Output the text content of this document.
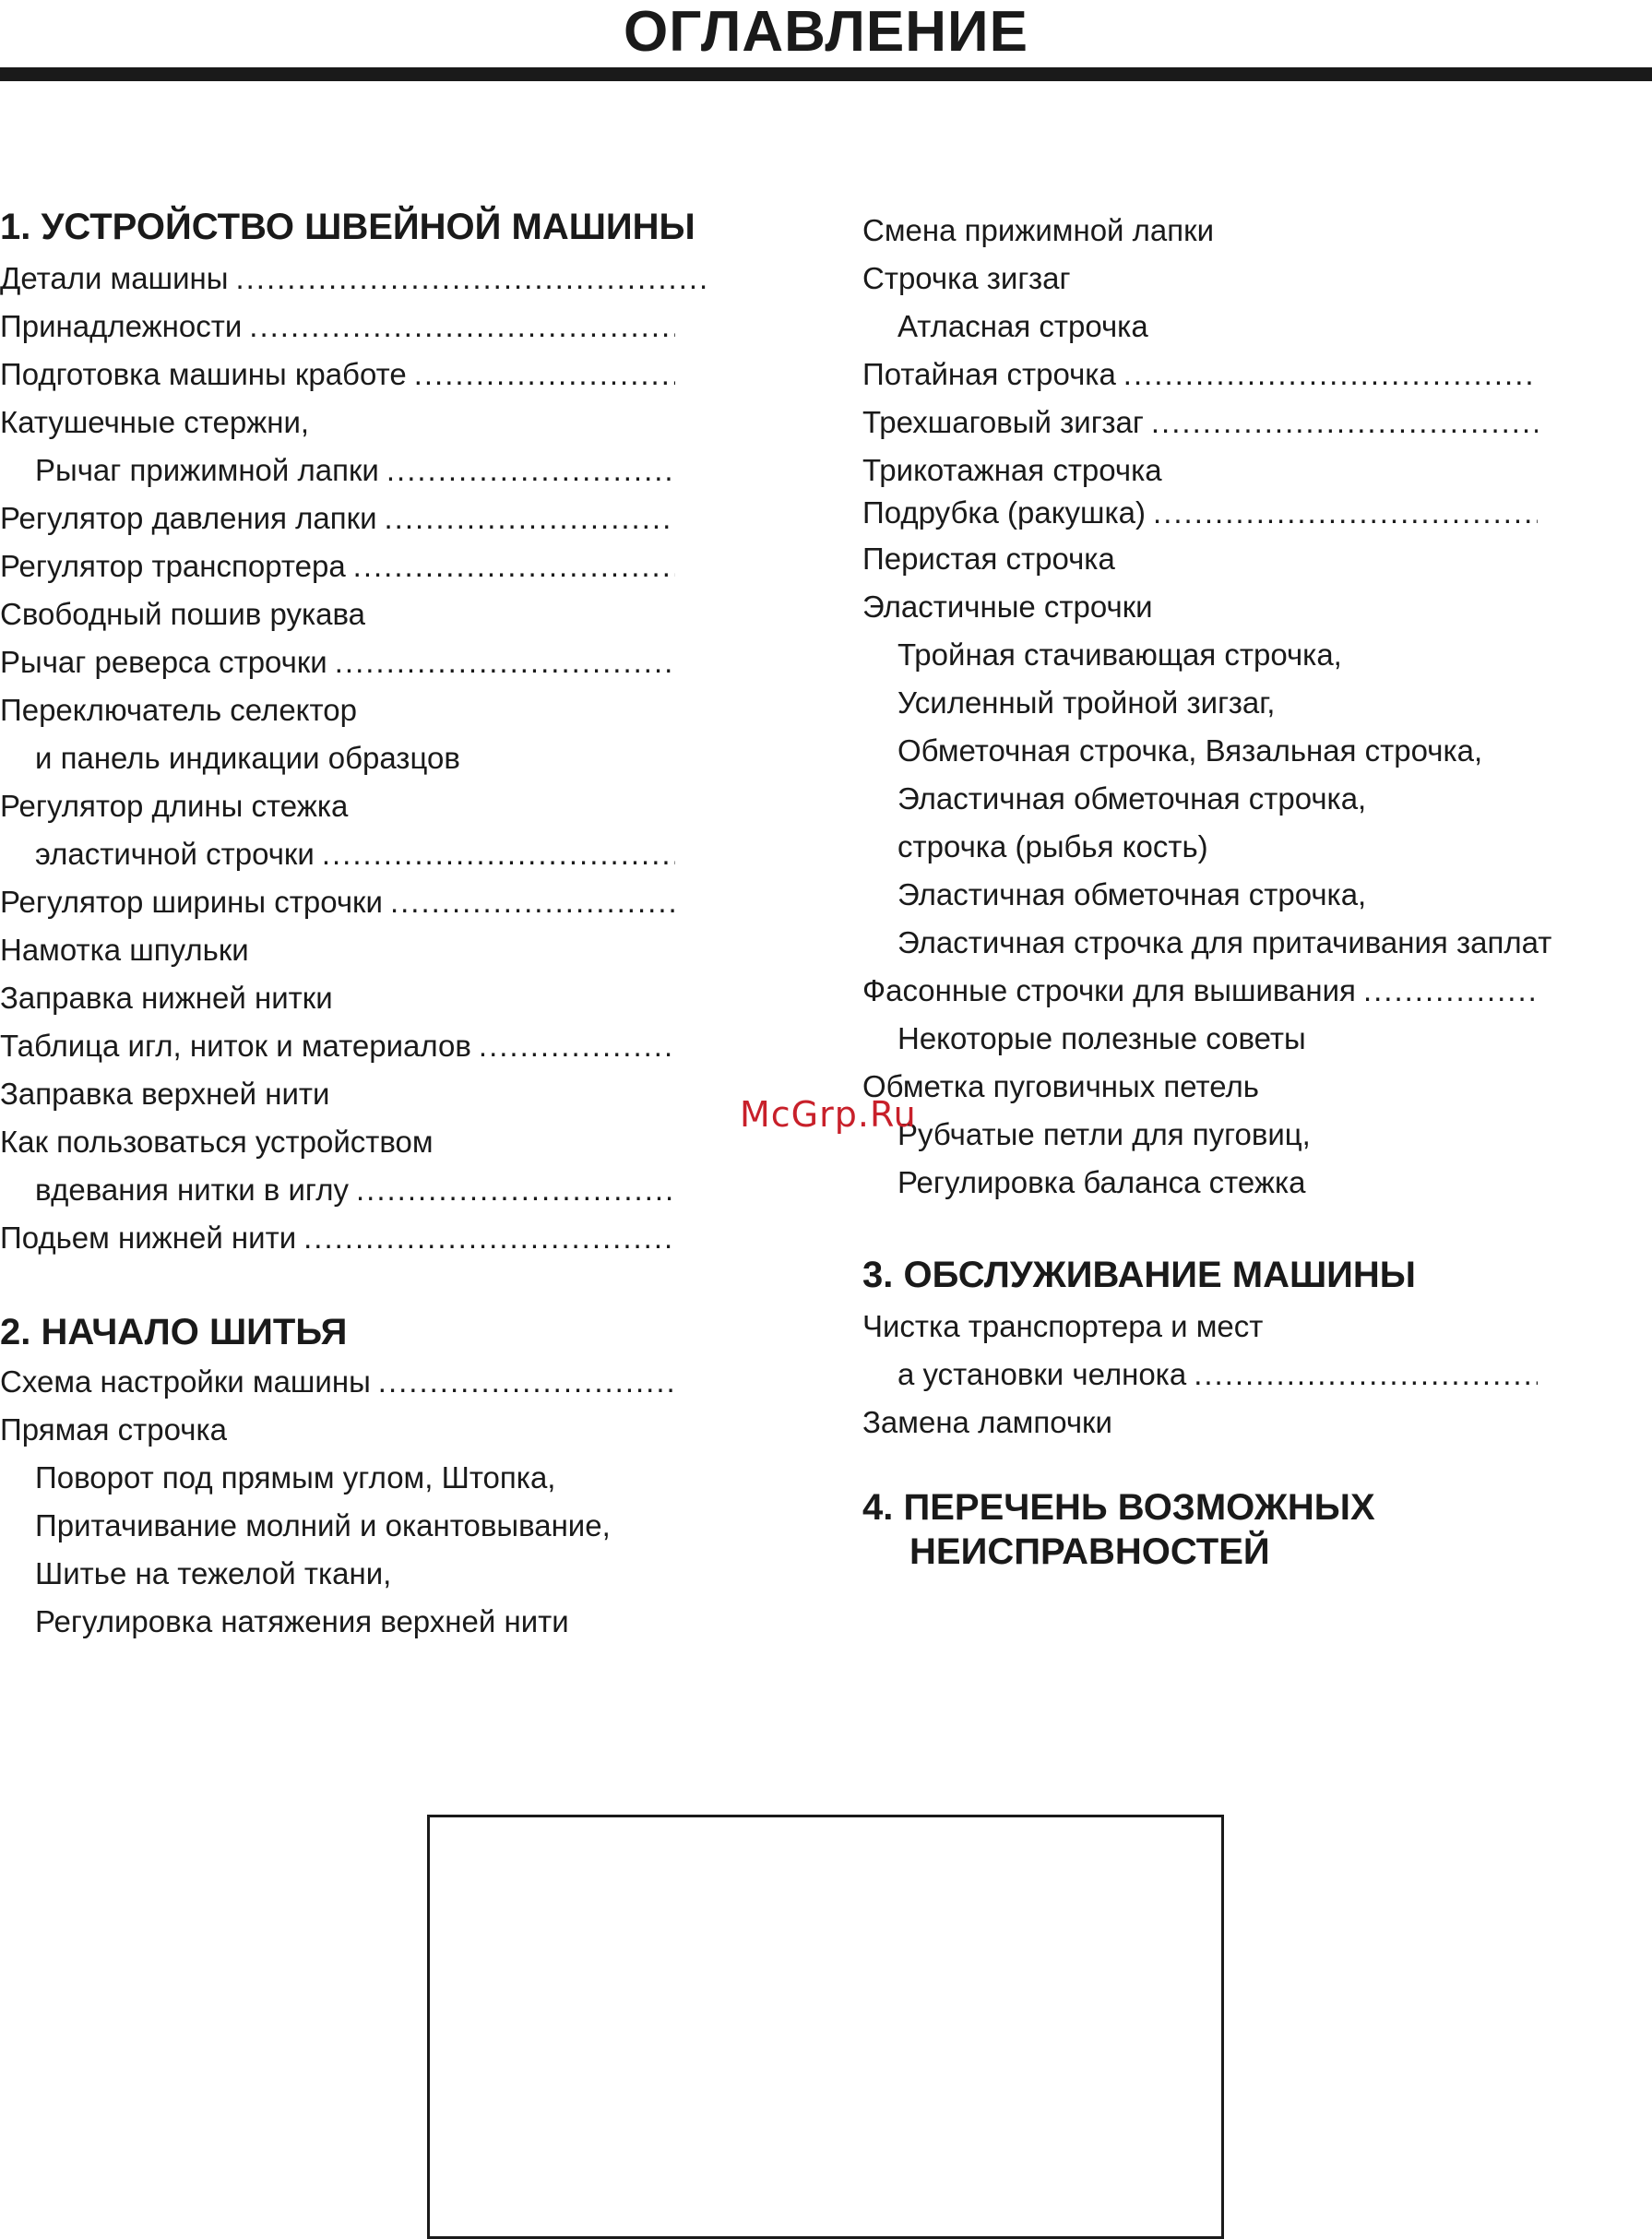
ОГЛАВЛЕНИЕ
1. УСТРОЙСТВО ШВЕЙНОЙ МАШИНЫ
Детали машины
.....
Принадлежности
.....
Подготовка машины кработе
.....
Катушечные стержни,
Рычаг прижимной лапки
.....
Регулятор давления лапки
.....
Регулятор транспортера
.....
Свободный пошив рукава
Рычаг реверса строчки
.....
Переключатель селектор
и панель индикации образцов
Регулятор длины стежка
эластичной строчки
.....
Регулятор ширины строчки
.....
Намотка шпульки
Заправка нижней нитки
Таблица игл, ниток и материалов
.....
Заправка верхней нити
Как пользоваться устройством
вдевания нитки в иглу
.....
Подьем нижней нити
.....
2. НАЧАЛО ШИТЬЯ
Схема настройки машины
.....
Прямая строчка
Поворот под прямым углом, Штопка,
Притачивание молний и окантовывание,
Шитье на тежелой ткани,
Регулировка натяжения верхней нити
Смена прижимной лапки
Строчка зигзаг
Атласная строчка
Потайная строчка
.....
Трехшаговый зигзаг
.....
Трикотажная строчка
Подрубка (ракушка)
.....
Перистая строчка
Эластичные строчки
Тройная стачивающая строчка,
Усиленный тройной зигзаг,
Обметочная строчка, Вязальная строчка,
Эластичная обметочная строчка,
строчка (рыбья кость)
Эластичная обметочная строчка,
Эластичная строчка для притачивания заплат
Фасонные строчки для вышивания
.....
Некоторые полезные советы
Обметка пуговичных петель
Рубчатые петли для пуговиц,
Регулировка баланса стежка
3. ОБСЛУЖИВАНИЕ МАШИНЫ
Чистка транспортера и мест
а установки челнока
.....
Замена лампочки
4. ПЕРЕЧЕНЬ ВОЗМОЖНЫХ
НЕИСПРАВНОСТЕЙ
McGrp.Ru
